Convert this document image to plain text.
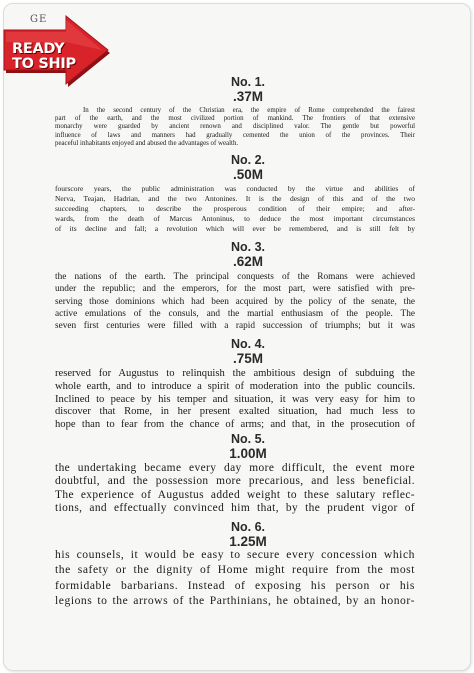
READY
TO SHIP
GE
No. 1.
.37M
In the second century of the Christian era, the empire of Rome comprehended the fairest
part of the earth, and the most civilized portion of mankind. The frontiers of that extensive
monarchy were guarded by ancient renown and disciplined valor. The gentle but powerful
influence of laws and manners had gradually cemented the union of the provinces. Their
peaceful inhabitants enjoyed and abused the advantages of wealth.
No. 2.
.50M
fourscore years, the public administration was conducted by the virtue and abilities of
Nerva, Teajan, Hadrian, and the two Antonines. It is the design of this and of the two
succeeding chapters, to describe the prosperous condition of their empire; and after-
wards, from the death of Marcus Antoninus, to deduce the most important circumstances
of its decline and fall; a revolution which will ever be remembered, and is still felt by
No. 3.
.62M
the nations of the earth. The principal conquests of the Romans were achieved
under the republic; and the emperors, for the most part, were satisfied with pre-
serving those dominions which had been acquired by the policy of the senate, the
active emulations of the consuls, and the martial enthusiasm of the people. The
seven first centuries were filled with a rapid succession of triumphs; but it was
No. 4.
.75M
reserved for Augustus to relinquish the ambitious design of subduing the
whole earth, and to introduce a spirit of moderation into the public councils.
Inclined to peace by his temper and situation, it was very easy for him to
discover that Rome, in her present exalted situation, had much less to
hope than to fear from the chance of arms; and that, in the prosecution of
No. 5.
1.00M
the undertaking became every day more difficult, the event more
doubtful, and the possession more precarious, and less beneficial.
The experience of Augustus added weight to these salutary reflec-
tions, and effectually convinced him that, by the prudent vigor of
No. 6.
1.25M
his counsels, it would be easy to secure every concession which
the safety or the dignity of Home might require from the most
formidable barbarians. Instead of exposing his person or his
legions to the arrows of the Parthinians, he obtained, by an honor-
